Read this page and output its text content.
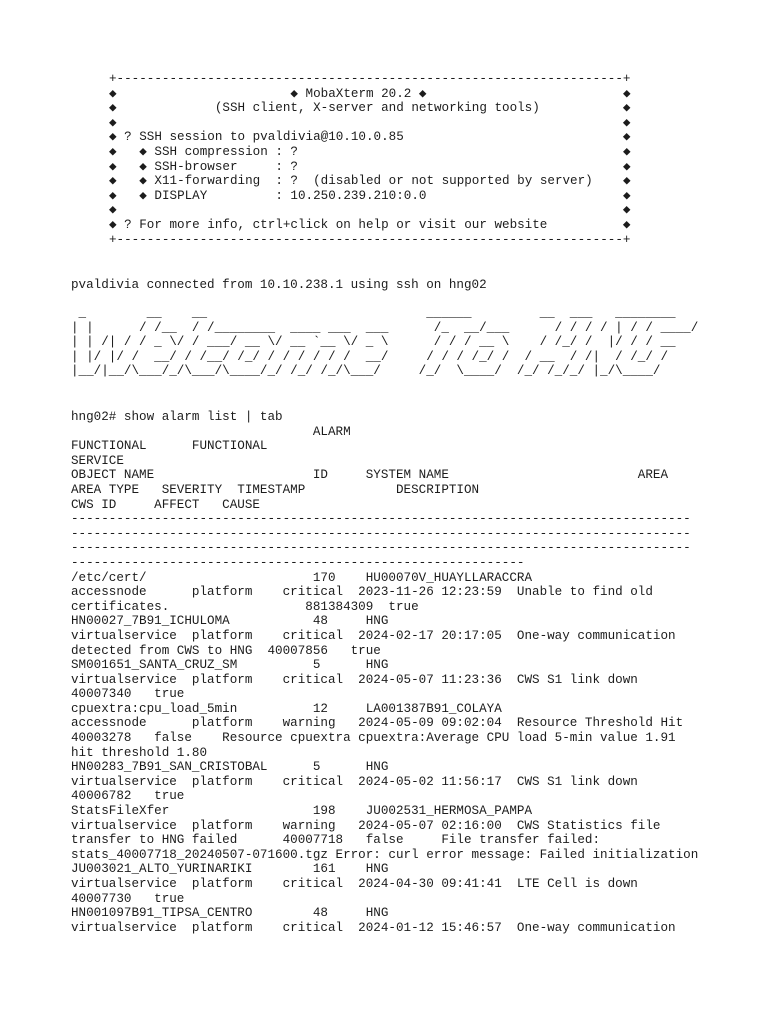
+-------------------------------------------------------------------+
◆                       ◆ MobaXterm 20.2 ◆                          ◆
◆             (SSH client, X-server and networking tools)           ◆
◆                                                                   ◆
◆ ? SSH session to pvaldivia@10.10.0.85                             ◆
◆   ◆ SSH compression : ?                                           ◆
◆   ◆ SSH-browser     : ?                                           ◆
◆   ◆ X11-forwarding  : ?  (disabled or not supported by server)    ◆
◆   ◆ DISPLAY         : 10.250.239.210:0.0                          ◆
◆                                                                   ◆
◆ ? For more info, ctrl+click on help or visit our website          ◆
+-------------------------------------------------------------------+
pvaldivia connected from 10.10.238.1 using ssh on hng02
_        __    __                             ______         __  ___   ________
| |      / /__  / /________  ____ ___  ___      /_  __/___      / / / / | / / ____/
| | /| / / _ \/ / ___/ __ \/ __ `__ \/ _ \      / / / __ \    / /_/ /  |/ / / __
| |/ |/ /  __/ / /__/ /_/ / / / / / /  __/     / / / /_/ /  / __  / /|  / /_/ /
|__/|__/\___/_/\___/\____/_/ /_/ /_/\___/     /_/  \____/  /_/ /_/_/ |_/\____/
hng02# show alarm list | tab
ALARM
FUNCTIONAL      FUNCTIONAL
SERVICE
OBJECT NAME                     ID     SYSTEM NAME                         AREA
AREA TYPE   SEVERITY  TIMESTAMP            DESCRIPTION
CWS ID     AFFECT   CAUSE
----------------------------------------------------------------------------------
----------------------------------------------------------------------------------
----------------------------------------------------------------------------------
------------------------------------------------------------
/etc/cert/                      170    HU00070V_HUAYLLARACCRA
accessnode      platform    critical  2023-11-26 12:23:59  Unable to find old
certificates.                  881384309  true
HN00027_7B91_ICHULOMA           48     HNG
virtualservice  platform    critical  2024-02-17 20:17:05  One-way communication
detected from CWS to HNG  40007856   true
SM001651_SANTA_CRUZ_SM          5      HNG
virtualservice  platform    critical  2024-05-07 11:23:36  CWS S1 link down
40007340   true
cpuextra:cpu_load_5min          12     LA001387B91_COLAYA
accessnode      platform    warning   2024-05-09 09:02:04  Resource Threshold Hit
40003278   false    Resource cpuextra cpuextra:Average CPU load 5-min value 1.91
hit threshold 1.80
HN00283_7B91_SAN_CRISTOBAL      5      HNG
virtualservice  platform    critical  2024-05-02 11:56:17  CWS S1 link down
40006782   true
StatsFileXfer                   198    JU002531_HERMOSA_PAMPA
virtualservice  platform    warning   2024-05-07 02:16:00  CWS Statistics file
transfer to HNG failed      40007718   false     File transfer failed:
stats_40007718_20240507-071600.tgz Error: curl error message: Failed initialization
JU003021_ALTO_YURINARIKI        161    HNG
virtualservice  platform    critical  2024-04-30 09:41:41  LTE Cell is down
40007730   true
HN001097B91_TIPSA_CENTRO        48     HNG
virtualservice  platform    critical  2024-01-12 15:46:57  One-way communication
